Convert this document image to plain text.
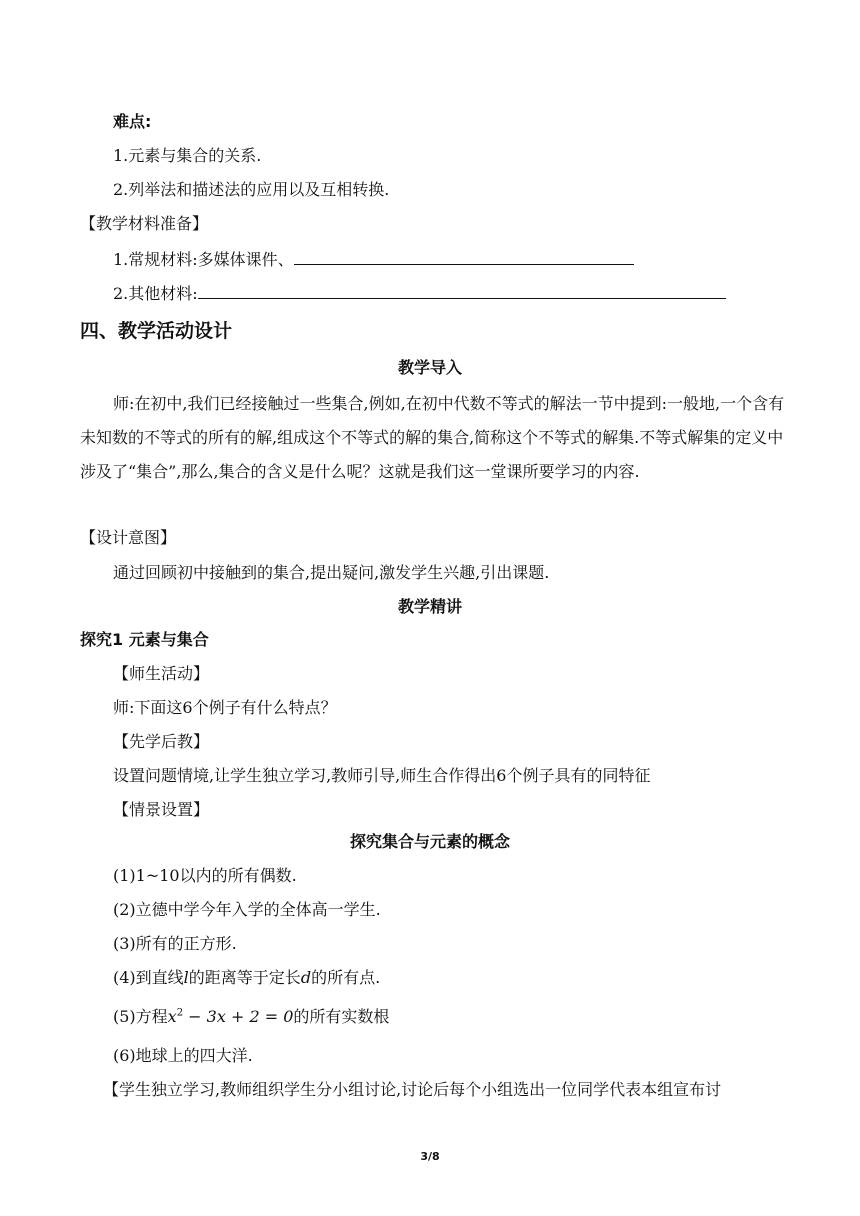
难点:
1.元素与集合的关系.
2.列举法和描述法的应用以及互相转换.
【教学材料准备】
1.常规材料:多媒体课件、
2.其他材料:
四、教学活动设计
教学导入
师:在初中,我们已经接触过一些集合,例如,在初中代数不等式的解法一节中提到:一般地,一个含有未知数的不等式的所有的解,组成这个不等式的解的集合,简称这个不等式的解集.不等式解集的定义中涉及了“集合”,那么,集合的含义是什么呢？这就是我们这一堂课所要学习的内容.
【设计意图】
通过回顾初中接触到的集合,提出疑问,激发学生兴趣,引出课题.
教学精讲
探究1 元素与集合
【师生活动】
师:下面这6个例子有什么特点？
【先学后教】
设置问题情境,让学生独立学习,教师引导,师生合作得出6个例子具有的同特征
【情景设置】
探究集合与元素的概念
(1)1~10以内的所有偶数.
(2)立德中学今年入学的全体高一学生.
(3)所有的正方形.
(4)到直线l的距离等于定长d的所有点.
(5)方程$x^2 - 3x + 2 = 0$的所有实数根
(6)地球上的四大洋.
【学生独立学习,教师组织学生分小组讨论,讨论后每个小组选出一位同学代表本组宣布讨
3/8
